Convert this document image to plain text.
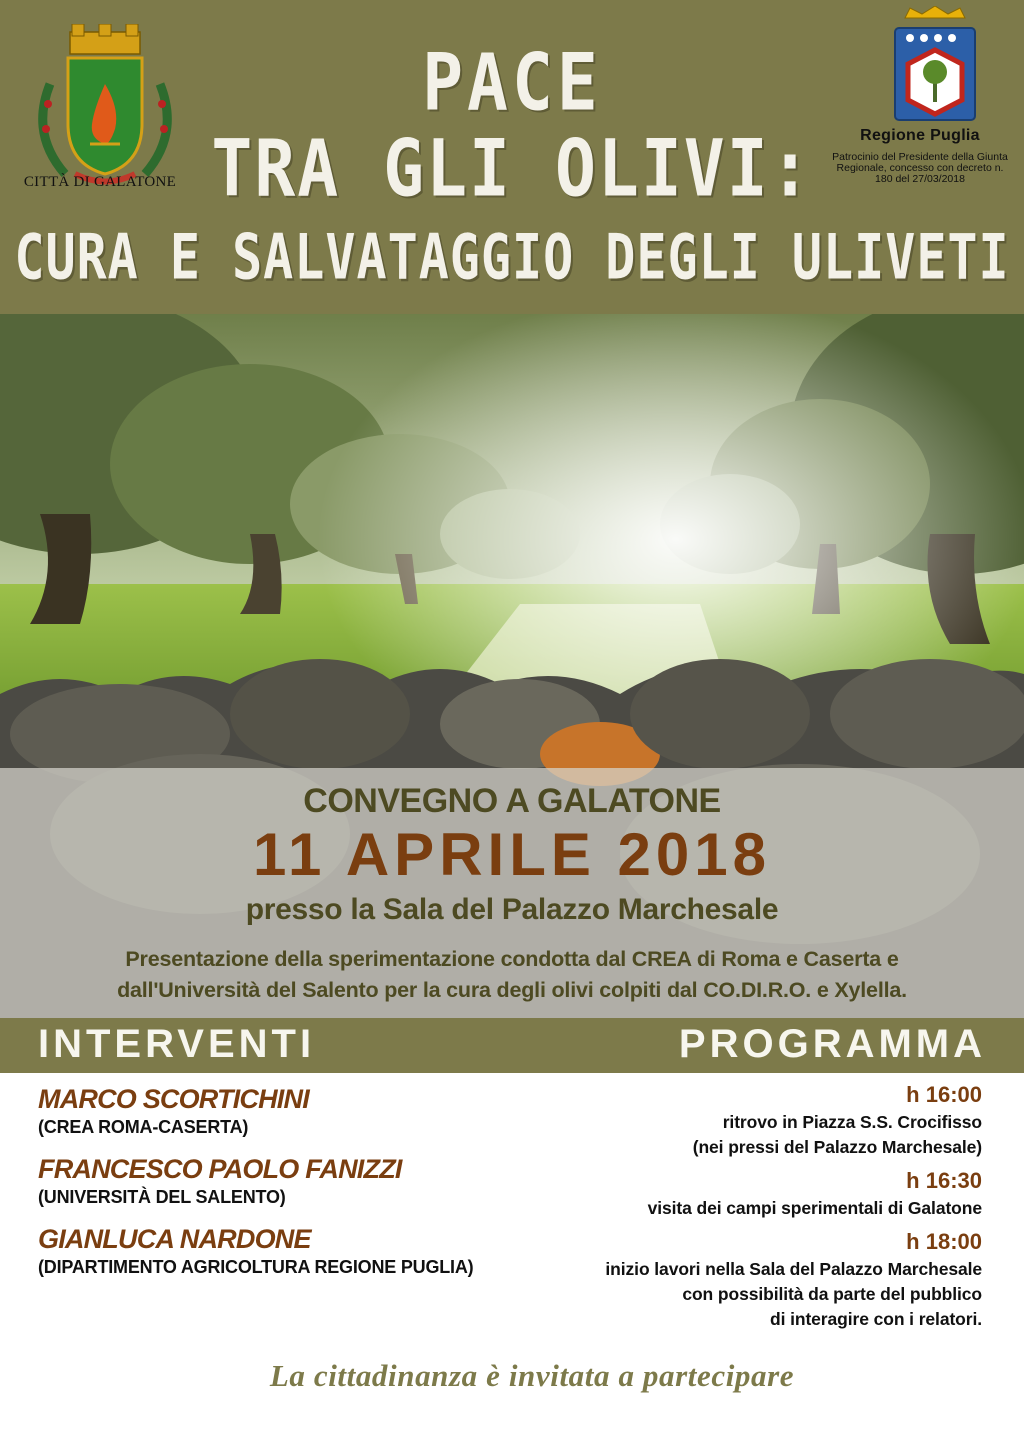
CITTÀ DI GALATONE
Regione Puglia
Patrocinio del Presidente della Giunta Regionale, concesso con decreto n. 180 del 27/03/2018
PACE
TRA GLI OLIVI:
CURA E SALVATAGGIO DEGLI ULIVETI
CONVEGNO A GALATONE
11 APRILE 2018
presso la Sala del Palazzo Marchesale
Presentazione della sperimentazione condotta dal CREA di Roma e Caserta e
dall'Università del Salento per la cura degli olivi colpiti dal CO.DI.R.O. e Xylella.
INTERVENTI	PROGRAMMA
MARCO SCORTICHINI
(CREA ROMA-CASERTA)
FRANCESCO PAOLO FANIZZI
(UNIVERSITÀ DEL SALENTO)
GIANLUCA NARDONE
(DIPARTIMENTO AGRICOLTURA REGIONE PUGLIA)
h 16:00
ritrovo in Piazza S.S. Crocifisso
(nei pressi del Palazzo Marchesale)
h 16:30
visita dei campi sperimentali di Galatone
h 18:00
inizio lavori nella Sala del Palazzo Marchesale
con possibilità da parte del pubblico
di interagire con i relatori.
La cittadinanza è invitata a partecipare
